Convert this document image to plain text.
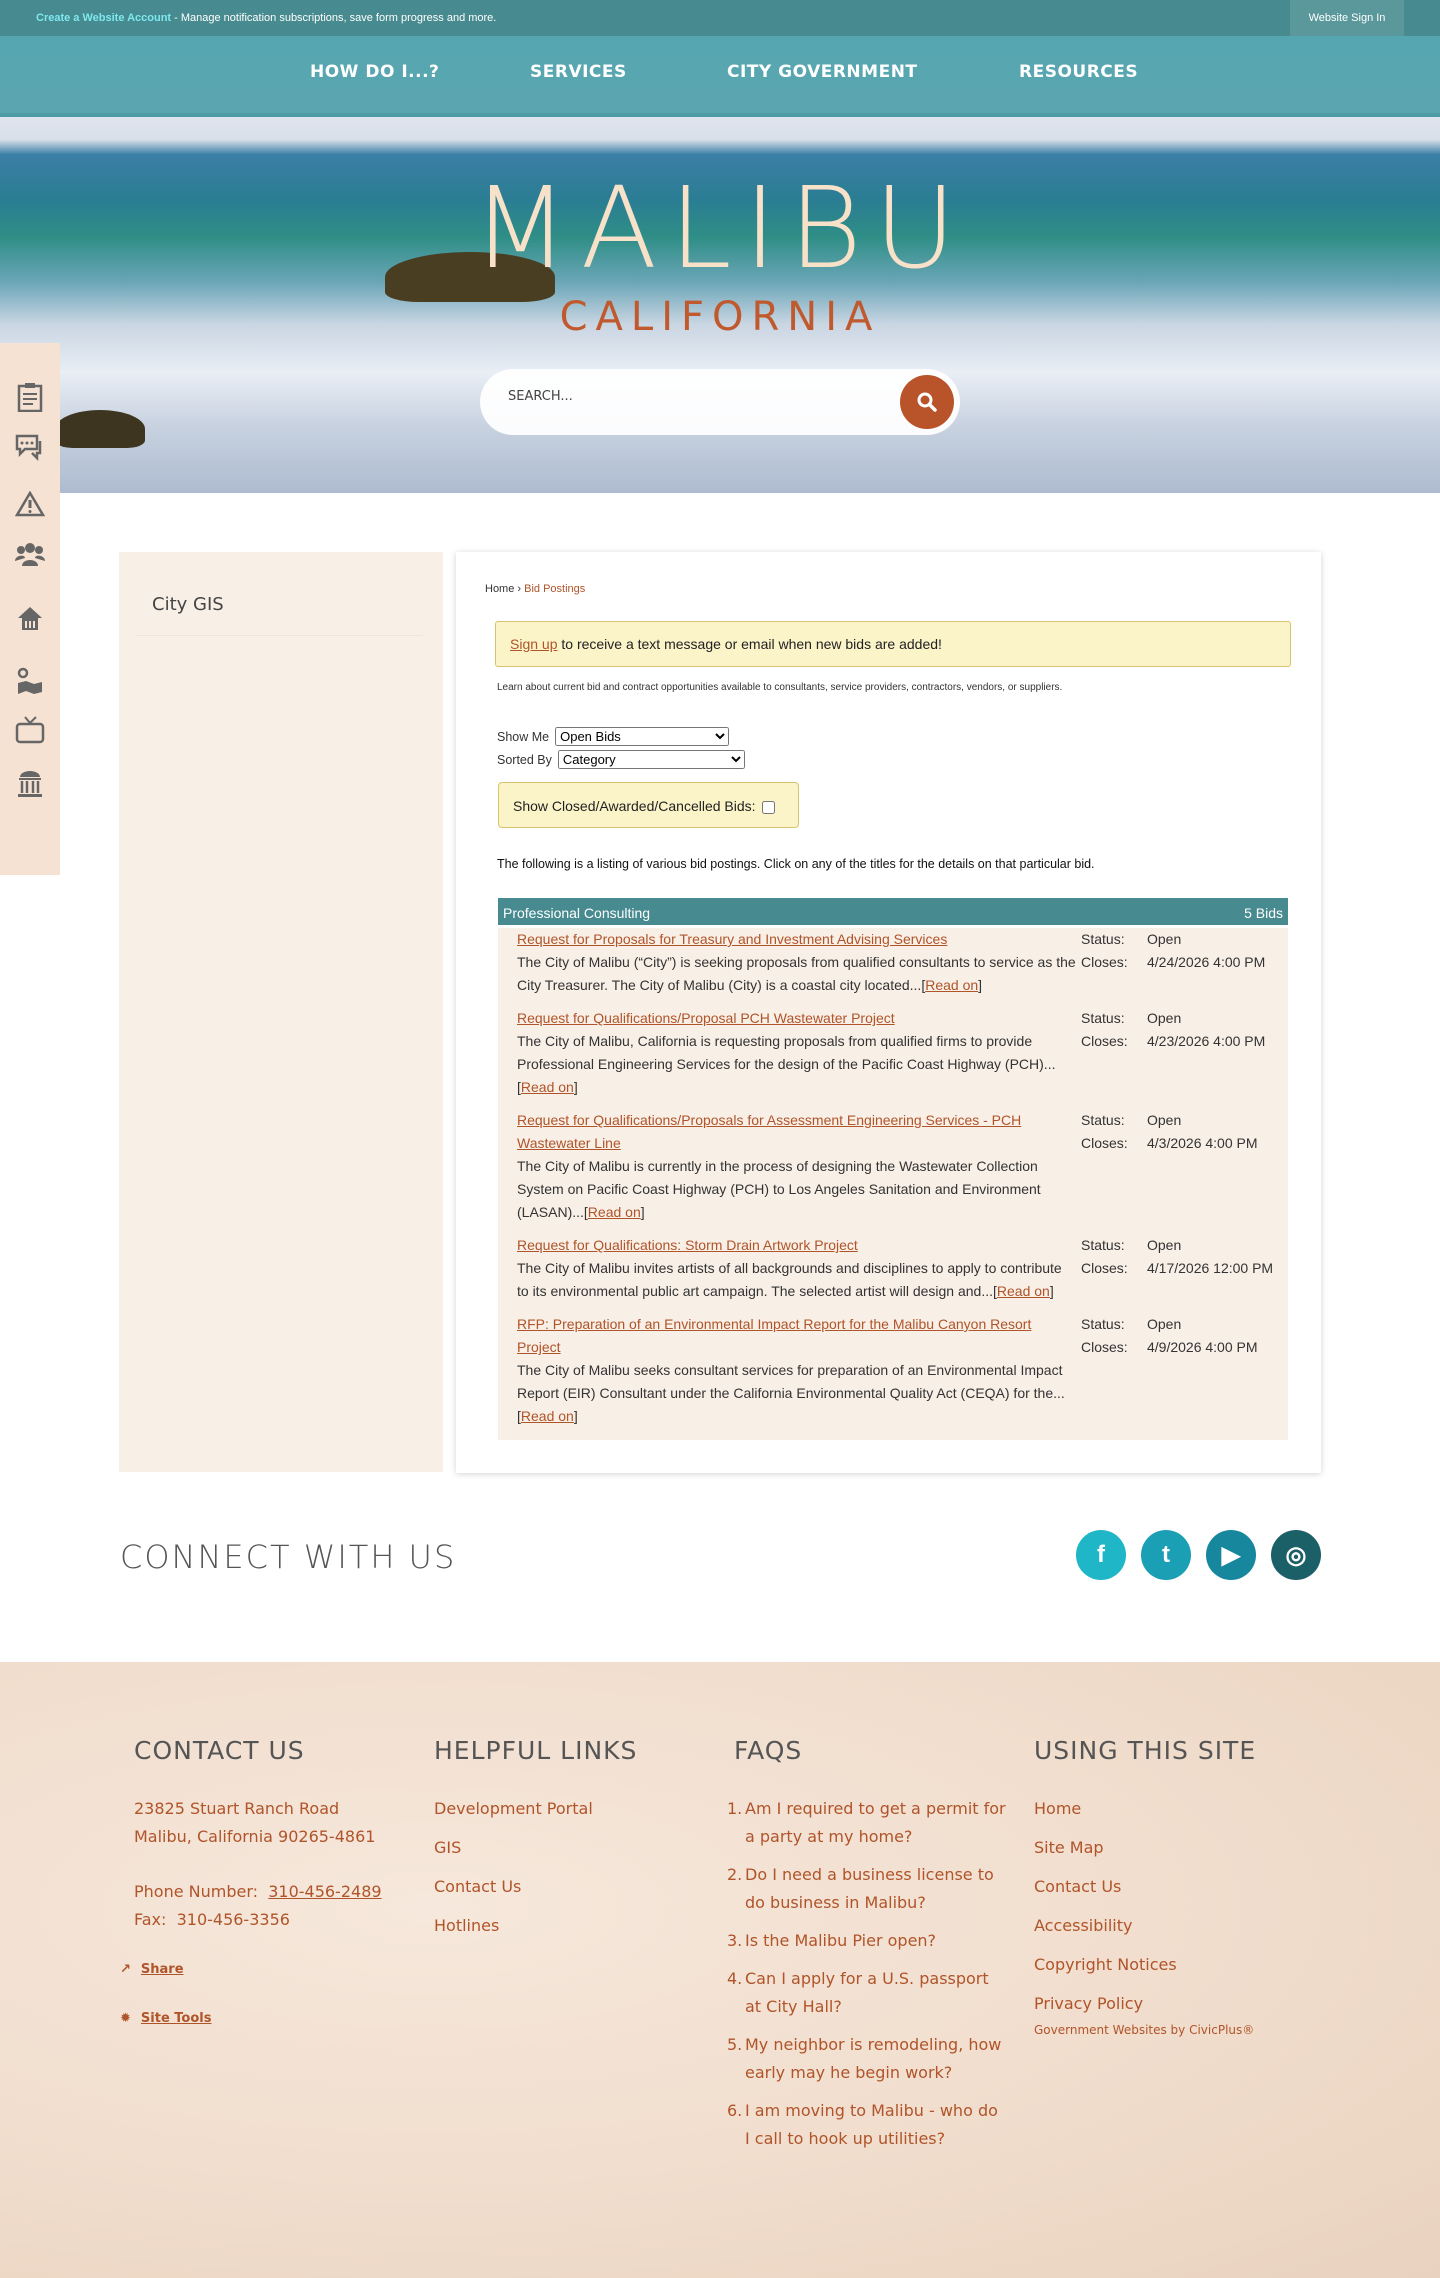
Create a Website Account - Manage notification subscriptions, save form progress and more.	Website Sign In
HOW DO I...?	SERVICES	CITY GOVERNMENT	RESOURCES
MALIBU
CALIFORNIA
SEARCH...
City GIS
Home › Bid Postings
Sign up to receive a text message or email when new bids are added!
Learn about current bid and contract opportunities available to consultants, service providers, contractors, vendors, or suppliers.
Show Me
Open Bids
Sorted By
Category
Show Closed/Awarded/Cancelled Bids:
The following is a listing of various bid postings. Click on any of the titles for the details on that particular bid.
Professional Consulting	5 Bids
Request for Proposals for Treasury and Investment Advising Services
The City of Malibu (“City”) is seeking proposals from qualified consultants to service as the City Treasurer. The City of Malibu (City) is a coastal city located...[Read on]
Status:	Open
Closes:	4/24/2026 4:00 PM
Request for Qualifications/Proposal PCH Wastewater Project
The City of Malibu, California is requesting proposals from qualified firms to provide Professional Engineering Services for the design of the Pacific Coast Highway (PCH)...[Read on]
Status:	Open
Closes:	4/23/2026 4:00 PM
Request for Qualifications/Proposals for Assessment Engineering Services - PCH Wastewater Line
The City of Malibu is currently in the process of designing the Wastewater Collection System on Pacific Coast Highway (PCH) to Los Angeles Sanitation and Environment (LASAN)...[Read on]
Status:	Open
Closes:	4/3/2026 4:00 PM
Request for Qualifications: Storm Drain Artwork Project
The City of Malibu invites artists of all backgrounds and disciplines to apply to contribute to its environmental public art campaign. The selected artist will design and...[Read on]
Status:	Open
Closes:	4/17/2026 12:00 PM
RFP: Preparation of an Environmental Impact Report for the Malibu Canyon Resort Project
The City of Malibu seeks consultant services for preparation of an Environmental Impact Report (EIR) Consultant under the California Environmental Quality Act (CEQA) for the...[Read on]
Status:	Open
Closes:	4/9/2026 4:00 PM
CONNECT WITH US	f t ▶ ◎
CONTACT US

23825 Stuart Ranch Road

Malibu, California 90265-4861

Phone Number: 310-456-2489

Fax: 310-456-3356

HELPFUL LINKS
Development Portal
GIS
Contact Us
Hotlines
FAQS
1. Am I required to get a permit for a party at my home?
2. Do I need a business license to do business in Malibu?
3. Is the Malibu Pier open?
4. Can I apply for a U.S. passport at City Hall?
5. My neighbor is remodeling, how early may he begin work?
6. I am moving to Malibu - who do I call to hook up utilities?
USING THIS SITE
Home
Site Map
Contact Us
Accessibility
Copyright Notices
Privacy Policy
Government Websites by CivicPlus®
↗ Share
✹ Site Tools
